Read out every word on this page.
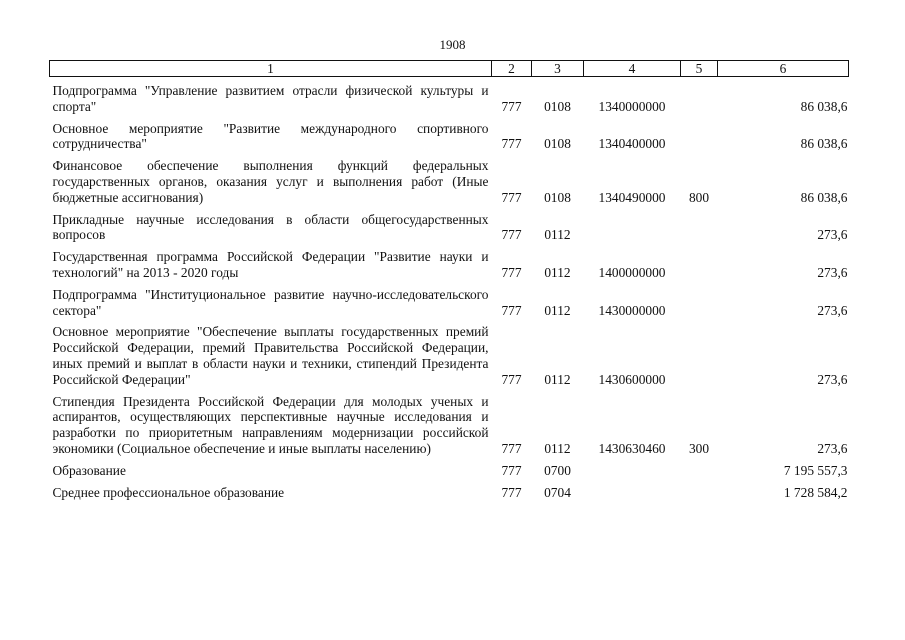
1908
1	2	3	4	5	6
Подпрограмма "Управление развитием отрасли физической культуры и спорта"	777	0108	1340000000		86 038,6
Основное мероприятие "Развитие международного спортивного сотрудничества"	777	0108	1340400000		86 038,6
Финансовое обеспечение выполнения функций федеральных государственных органов, оказания услуг и выполнения работ (Иные бюджетные ассигнования)	777	0108	1340490000	800	86 038,6
Прикладные научные исследования в области общегосударственных вопросов	777	0112			273,6
Государственная программа Российской Федерации "Развитие науки и технологий" на 2013 - 2020 годы	777	0112	1400000000		273,6
Подпрограмма "Институциональное развитие научно-исследовательского сектора"	777	0112	1430000000		273,6
Основное мероприятие "Обеспечение выплаты государственных премий Российской Федерации, премий Правительства Российской Федерации, иных премий и выплат в области науки и техники, стипендий Президента Российской Федерации"	777	0112	1430600000		273,6
Стипендия Президента Российской Федерации для молодых ученых и аспирантов, осуществляющих перспективные научные исследования и разработки по приоритетным направлениям модернизации российской экономики (Социальное обеспечение и иные выплаты населению)	777	0112	1430630460	300	273,6
Образование	777	0700			7 195 557,3
Среднее профессиональное образование	777	0704			1 728 584,2
